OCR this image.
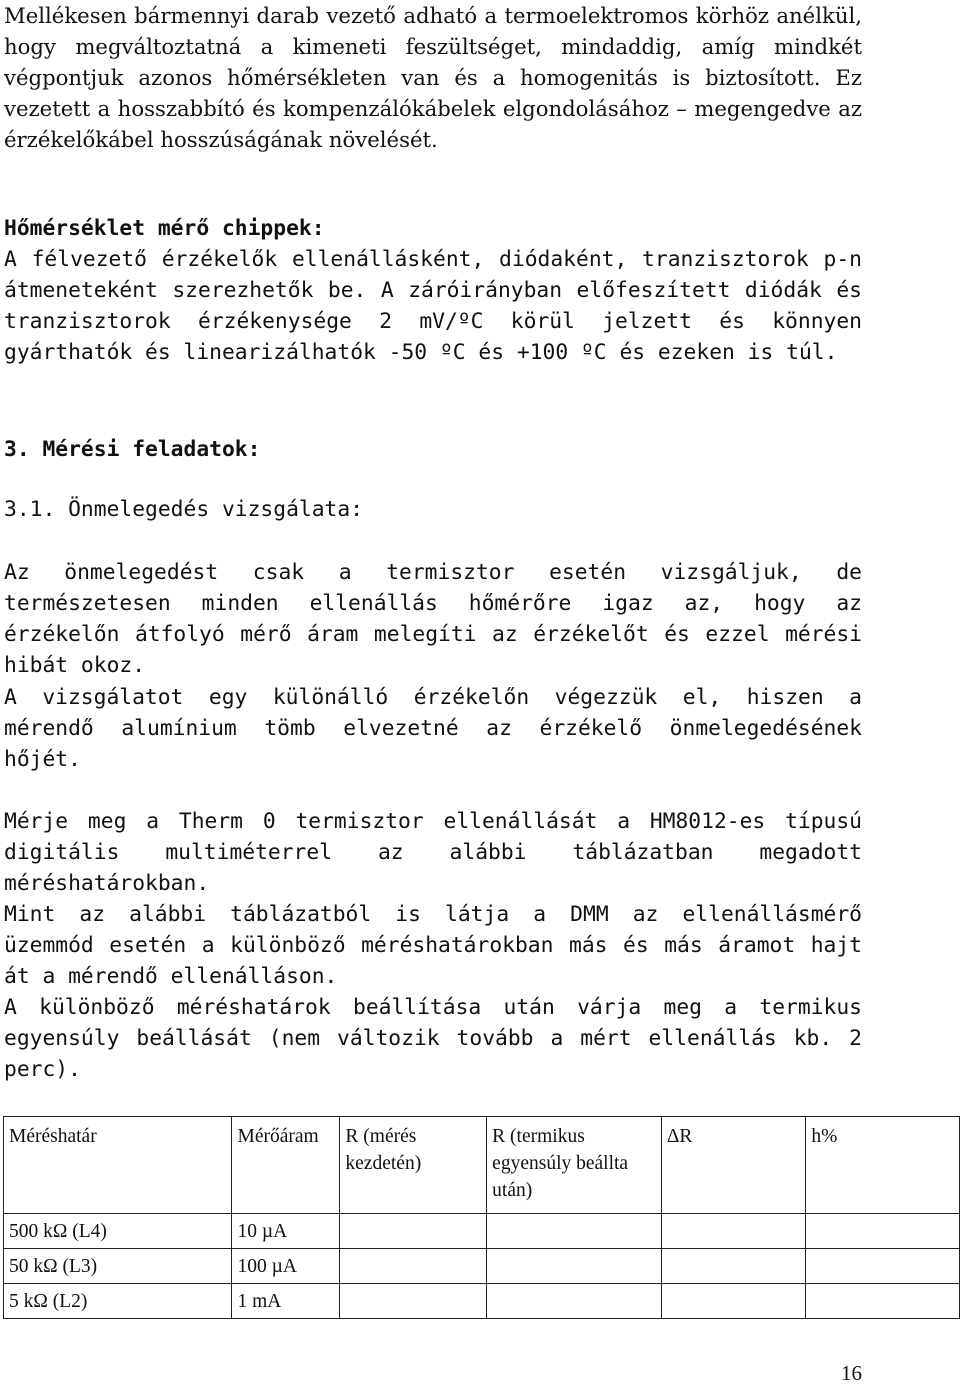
Mellékesen bármennyi darab vezető adható a termoelektromos körhöz anélkül, hogy megváltoztatná a kimeneti feszültséget, mindaddig, amíg mindkét végpontjuk azonos hőmérsékleten van és a homogenitás is biztosított. Ez vezetett a hosszabbító és kompenzálókábelek elgondolásához – megengedve az érzékelőkábel hosszúságának növelését.

Hőmérséklet mérő chippek:

A félvezető érzékelők ellenállásként, diódaként, tranzisztorok p-n átmeneteként szerezhetők be. A záróirányban előfeszített diódák és tranzisztorok érzékenysége 2 mV/ºC körül jelzett és könnyen gyárthatók és linearizálhatók -50 ºC és +100 ºC és ezeken is túl.

3. Mérési feladatok:

3.1. Önmelegedés vizsgálata:

Az önmelegedést csak a termisztor esetén vizsgáljuk, de természetesen minden ellenállás hőmérőre igaz az, hogy az érzékelőn átfolyó mérő áram melegíti az érzékelőt és ezzel mérési hibát okoz.

A vizsgálatot egy különálló érzékelőn végezzük el, hiszen a mérendő alumínium tömb elvezetné az érzékelő önmelegedésének hőjét.

Mérje meg a Therm 0 termisztor ellenállását a HM8012-es típusú digitális multiméterrel az alábbi táblázatban megadott méréshatárokban.

Mint az alábbi táblázatból is látja a DMM az ellenállásmérő üzemmód esetén a különböző méréshatárokban más és más áramot hajt át a mérendő ellenálláson.

A különböző méréshatárok beállítása után várja meg a termikus egyensúly beállását (nem változik tovább a mért ellenállás kb. 2 perc).

Méréshatár	Mérőáram	R (mérés kezdetén)	R (termikus egyensúly beállta után)	ΔR	h%
500 kΩ (L4)	10 µA				
50 kΩ (L3)	100 µA				
5 kΩ (L2)	1 mA				
16
